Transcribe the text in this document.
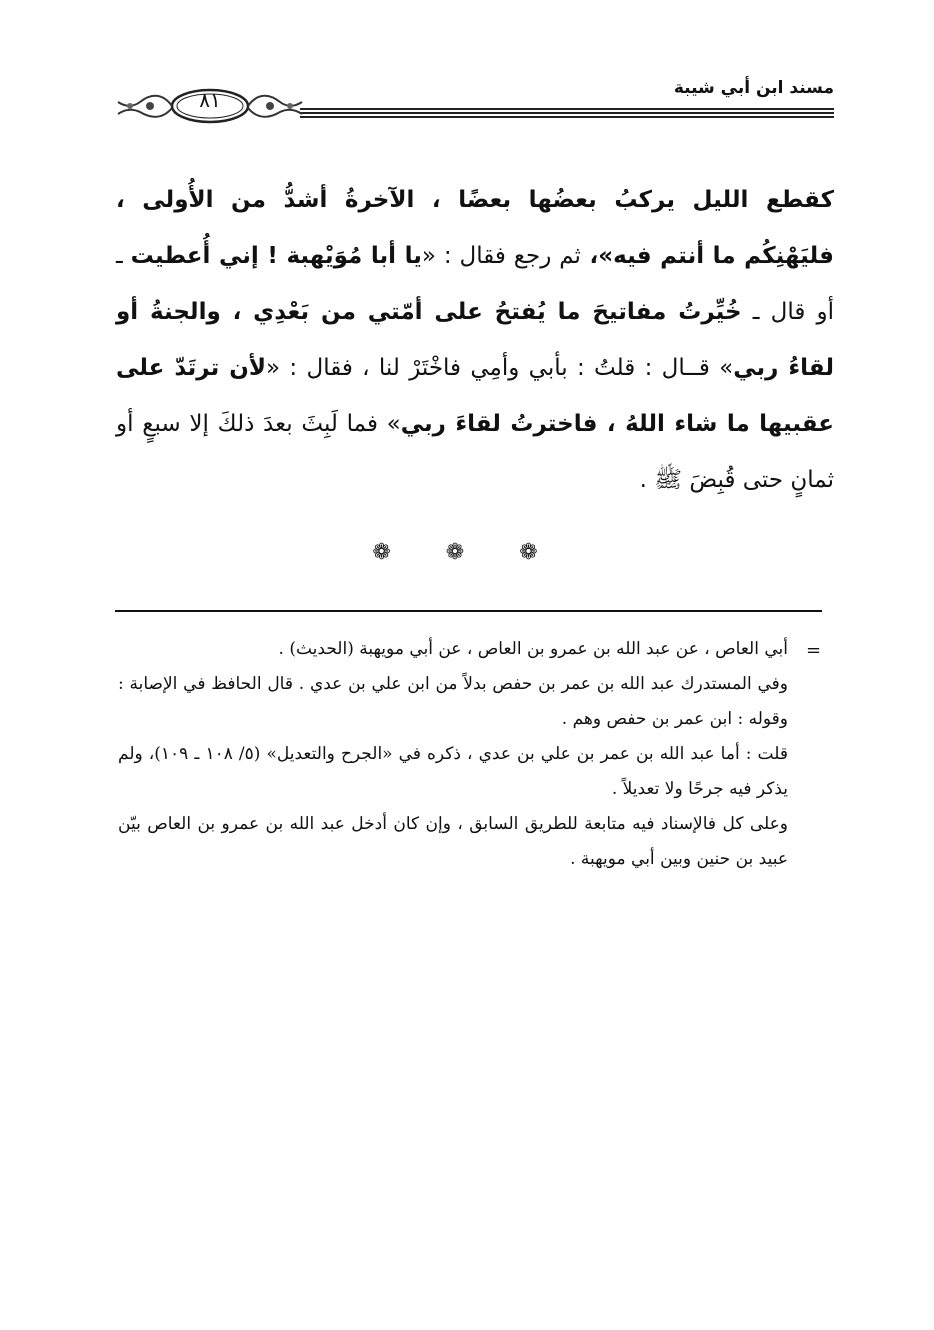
مسند ابن أبي شيبة
٨١

كقطع الليل يركبُ بعضُها بعضًا ، الآخرةُ أشدُّ من الأُولى ، فليَهْنِكُم ما أنتم فيه»، ثم رجع فقال : «يا أبا مُوَيْهبة ! إني أُعطيت ـ أو قال ـ خُيِّرتُ مفاتيحَ ما يُفتحُ على أمّتي من بَعْدِي ، والجنةُ أو لقاءُ ربي» قــال : قلتُ : بأبي وأمِي فاخْتَرْ لنا ، فقال : «لأن ترتَدّ على عقبيها ما شاء اللهُ ، فاخترتُ لقاءَ ربي» فما لَبِثَ بعدَ ذلكَ إلا سبعٍ أو ثمانٍ حتى قُبِضَ ﷺ .

❁ ❁ ❁
=

أبي العاص ، عن عبد الله بن عمرو بن العاص ، عن أبي مويهبة (الحديث) .

وفي المستدرك عبد الله بن عمر بن حفص بدلاً من ابن علي بن عدي . قال الحافظ في الإصابة : وقوله : ابن عمر بن حفص وهم .

قلت : أما عبد الله بن عمر بن علي بن عدي ، ذكره في «الجرح والتعديل» (٥/ ١٠٨ ـ ١٠٩)، ولم يذكر فيه جرحًا ولا تعديلاً .

وعلى كل فالإسناد فيه متابعة للطريق السابق ، وإن كان أدخل عبد الله بن عمرو بن العاص بيّن عبيد بن حنين وبين أبي مويهبة .
